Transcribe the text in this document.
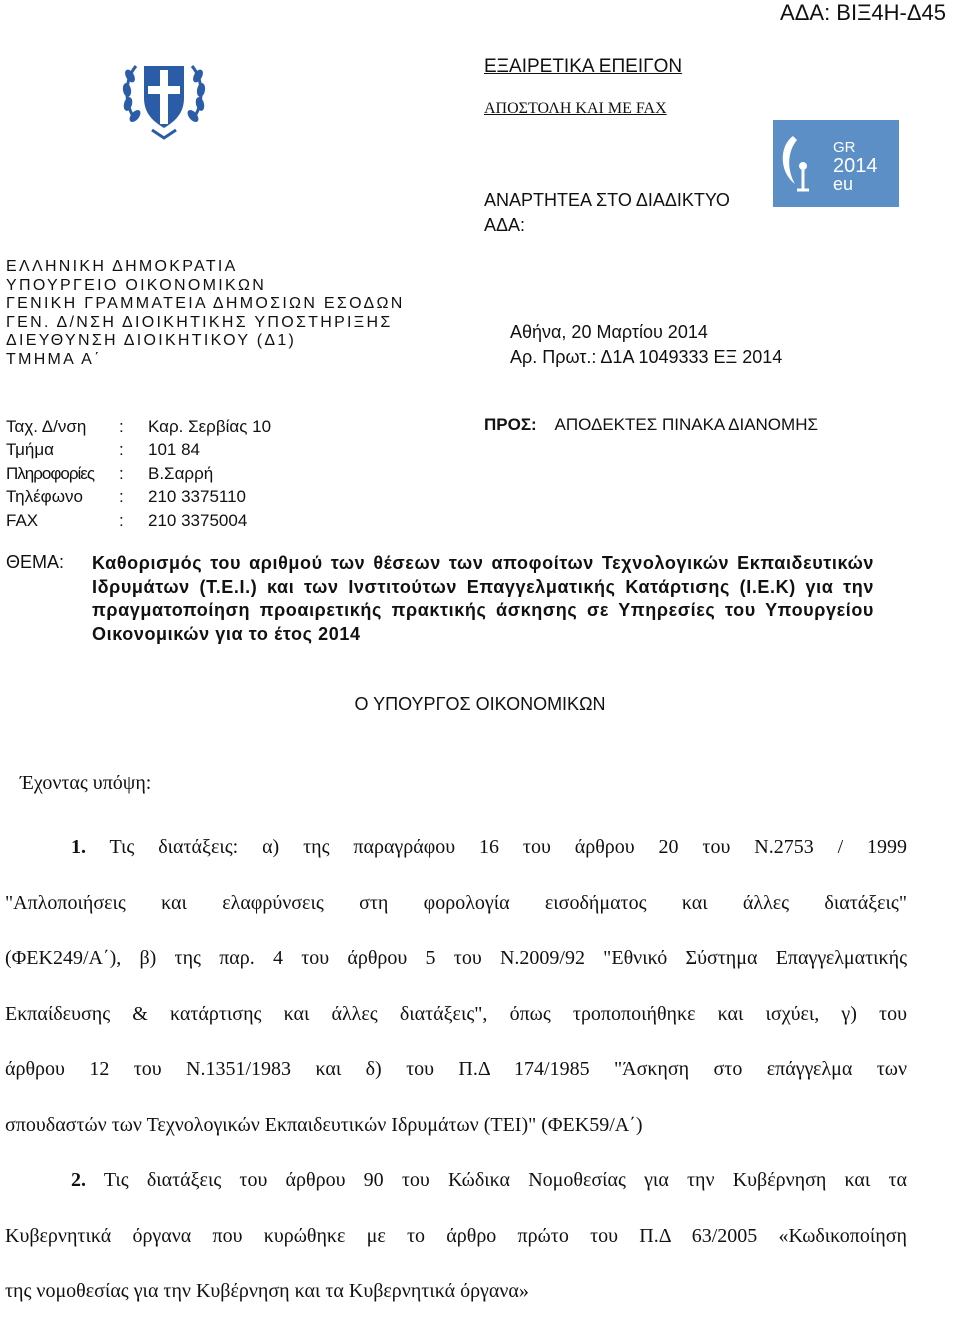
ΑΔΑ: ΒΙΞ4Η-Δ45
ΕΞΑΙΡΕΤΙΚΑ ΕΠΕΙΓΟΝ
ΑΠΟΣΤΟΛΗ ΚΑΙ ΜΕ FAX
ΑΝΑΡΤΗΤΕΑ ΣΤΟ ΔΙΑΔΙΚΤΥΟ
ΑΔΑ:
GR
2014
eu
ΕΛΛΗΝΙΚΗ ΔΗΜΟΚΡΑΤΙΑ
ΥΠΟΥΡΓΕΙΟ ΟΙΚΟΝΟΜΙΚΩΝ
ΓΕΝΙΚΗ ΓΡΑΜΜΑΤΕΙΑ ΔΗΜΟΣΙΩΝ ΕΣΟΔΩΝ
ΓΕΝ. Δ/ΝΣΗ ΔΙΟΙΚΗΤΙΚΗΣ ΥΠΟΣΤΗΡΙΞΗΣ
ΔΙΕΥΘΥΝΣΗ ΔΙΟΙΚΗΤΙΚΟΥ (Δ1)
ΤΜΗΜΑ Α΄
Αθήνα, 20 Μαρτίου 2014
Αρ. Πρωτ.: Δ1Α 1049333 ΕΞ 2014
Ταχ. Δ/νση	:	Καρ. Σερβίας 10
Τμήμα	:	101 84
Πληροφορίες	:	Β.Σαρρή
Τηλέφωνο	:	210 3375110
FAX	:	210 3375004
ΠΡΟΣ: ΑΠΟΔΕΚΤΕΣ ΠΙΝΑΚΑ ΔΙΑΝΟΜΗΣ
ΘΕΜΑ: Καθορισμός του αριθμού των θέσεων των αποφοίτων Τεχνολογικών Εκπαιδευτικών Ιδρυμάτων (Τ.Ε.Ι.) και των Ινστιτούτων Επαγγελματικής Κατάρτισης (Ι.Ε.Κ) για την πραγματοποίηση προαιρετικής πρακτικής άσκησης σε Υπηρεσίες του Υπουργείου Οικονομικών για το έτος 2014
Ο ΥΠΟΥΡΓΟΣ ΟΙΚΟΝΟΜΙΚΩΝ
Έχοντας υπόψη:

1. Τις διατάξεις: α) της παραγράφου 16 του άρθρου 20 του Ν.2753 / 1999

"Απλοποιήσεις και ελαφρύνσεις στη φορολογία εισοδήματος και άλλες διατάξεις"

(ΦΕΚ249/Α΄), β) της παρ. 4 του άρθρου 5 του Ν.2009/92 "Εθνικό Σύστημα Επαγγελματικής

Εκπαίδευσης & κατάρτισης και άλλες διατάξεις", όπως τροποποιήθηκε και ισχύει, γ) του

άρθρου 12 του Ν.1351/1983 και δ) του Π.Δ 174/1985 "Άσκηση στο επάγγελμα των

σπουδαστών των Τεχνολογικών Εκπαιδευτικών Ιδρυμάτων (ΤΕΙ)" (ΦΕΚ59/Α΄)

2. Τις διατάξεις του άρθρου 90 του Κώδικα Νομοθεσίας για την Κυβέρνηση και τα

Κυβερνητικά όργανα που κυρώθηκε με το άρθρο πρώτο του Π.Δ 63/2005 «Κωδικοποίηση

της νομοθεσίας για την Κυβέρνηση και τα Κυβερνητικά όργανα»
